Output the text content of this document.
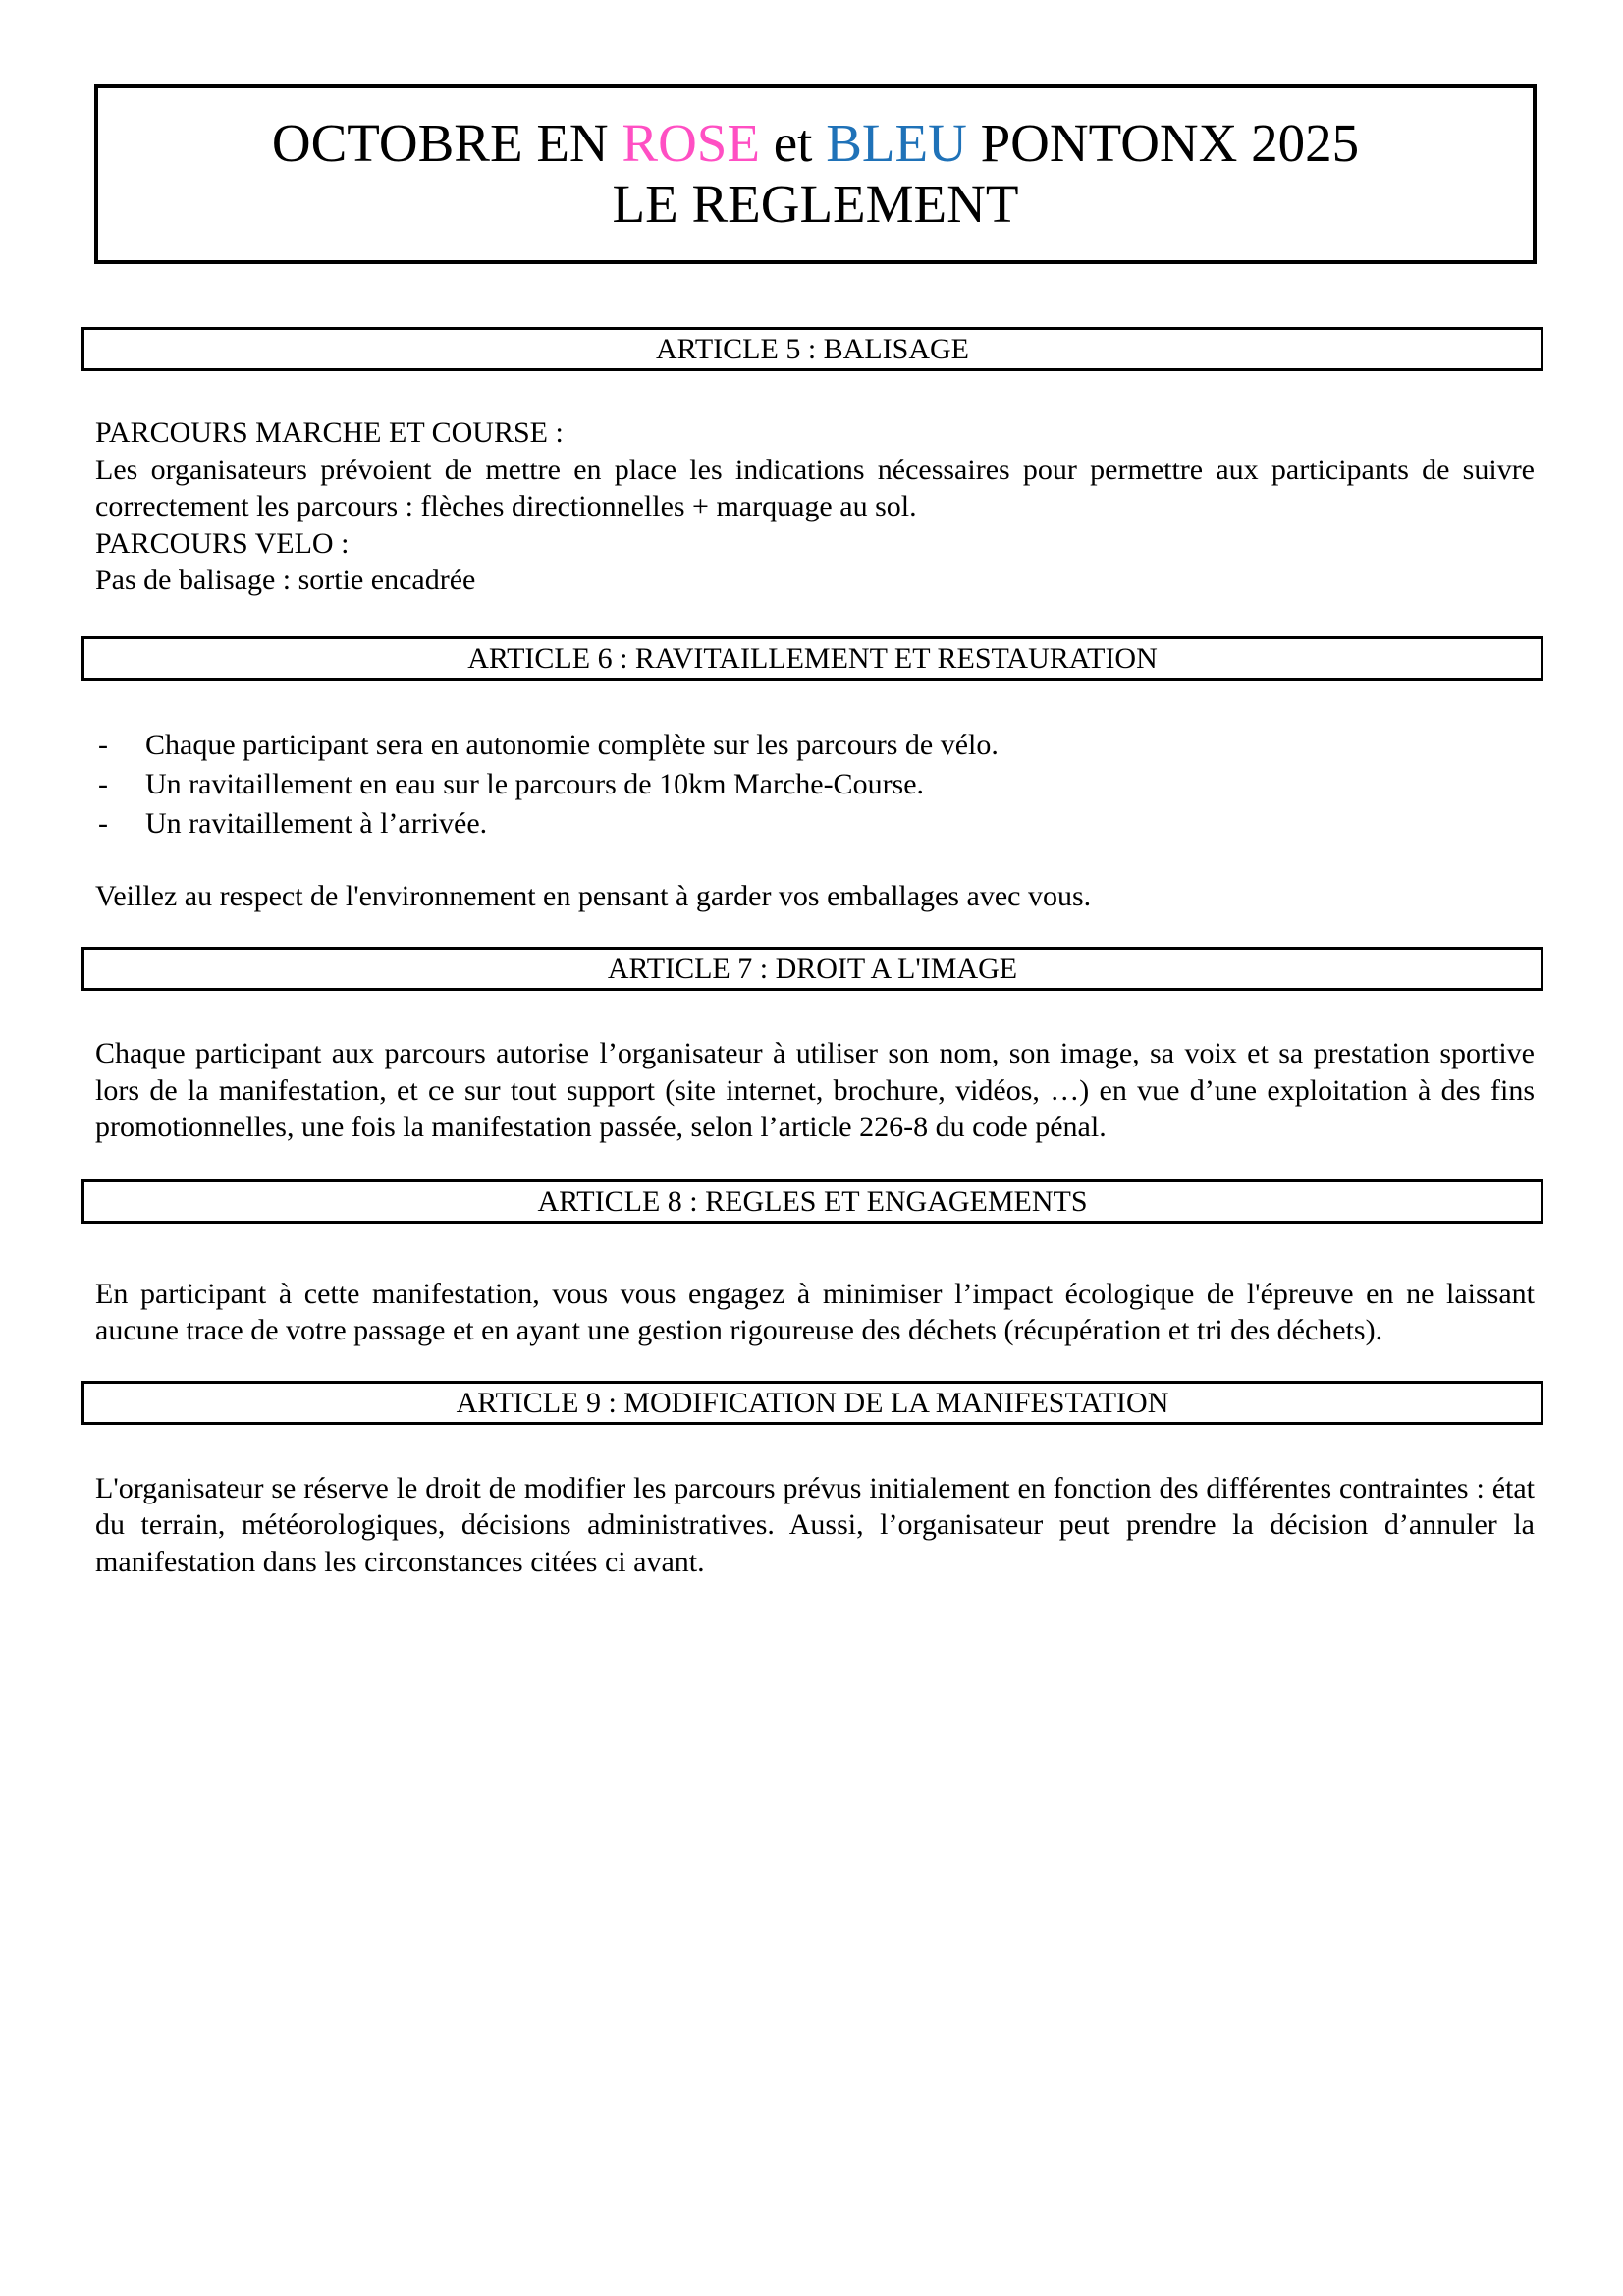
OCTOBRE EN ROSE et BLEU PONTONX 2025
LE REGLEMENT
ARTICLE 5 : BALISAGE
PARCOURS MARCHE ET COURSE :
Les organisateurs prévoient de mettre en place les indications nécessaires pour permettre aux participants de suivre correctement les parcours : flèches directionnelles + marquage au sol.
PARCOURS VELO :
Pas de balisage : sortie encadrée
ARTICLE 6 : RAVITAILLEMENT ET RESTAURATION
-	Chaque participant sera en autonomie complète sur les parcours de vélo.
-	Un ravitaillement en eau sur le parcours de 10km Marche-Course.
-	Un ravitaillement à l’arrivée.
Veillez au respect de l'environnement en pensant à garder vos emballages avec vous.
ARTICLE 7 : DROIT A L'IMAGE
Chaque participant aux parcours autorise l’organisateur à utiliser son nom, son image, sa voix et sa prestation sportive lors de la manifestation, et ce sur tout support (site internet, brochure, vidéos, …) en vue d’une exploitation à des fins promotionnelles, une fois la manifestation passée, selon l’article 226-8 du code pénal.
ARTICLE 8 : REGLES ET ENGAGEMENTS
En participant à cette manifestation, vous vous engagez à minimiser l’impact écologique de l'épreuve en ne laissant aucune trace de votre passage et en ayant une gestion rigoureuse des déchets (récupération et tri des déchets).
ARTICLE 9 : MODIFICATION DE LA MANIFESTATION
L'organisateur se réserve le droit de modifier les parcours prévus initialement en fonction des différentes contraintes : état du terrain, météorologiques, décisions administratives. Aussi, l’organisateur peut prendre la décision d’annuler la manifestation dans les circonstances citées ci avant.
